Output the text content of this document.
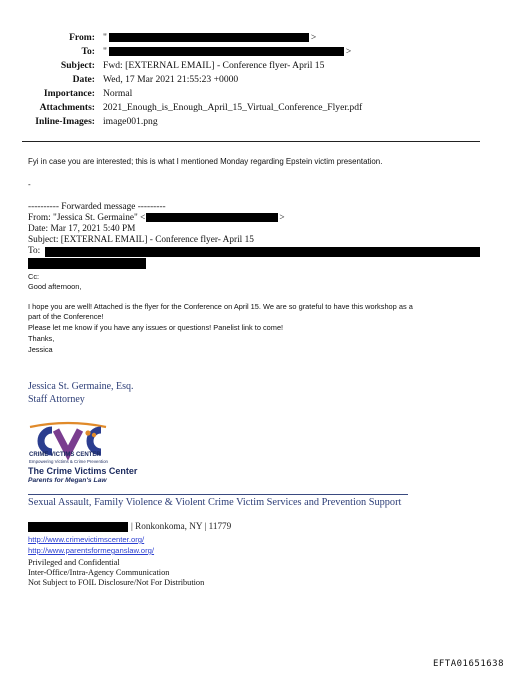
From: "	>
To: "	>
Subject: Fwd: [EXTERNAL EMAIL] - Conference flyer- April 15
Date: Wed, 17 Mar 2021 21:55:23 +0000
Importance: Normal
Attachments: 2021_Enough_is_Enough_April_15_Virtual_Conference_Flyer.pdf
Inline-Images: image001.png
Fyi in case you are interested; this is what I mentioned Monday regarding Epstein victim presentation.
-
---------- Forwarded message ---------
From: "Jessica St. Germaine" <	>
Date: Mar 17, 2021 5:40 PM
Subject: [EXTERNAL EMAIL] - Conference flyer- April 15
To:
Cc:
Good afternoon,
I hope you are well! Attached is the flyer for the Conference on April 15. We are so grateful to have this workshop as a
part of the Conference!
Please let me know if you have any issues or questions! Panelist link to come!
Thanks,
Jessica
Jessica St. Germaine, Esq.
Staff Attorney
CRIME VICTIMS CENTER
Empowering Victims & Crime Prevention
The Crime Victims Center
Parents for Megan's Law
Sexual Assault, Family Violence & Violent Crime Victim Services and Prevention Support
| Ronkonkoma, NY | 11779
http://www.crimevictimscenter.org/
http://www.parentsformeganslaw.org/
Privileged and Confidential
Inter-Office/Intra-Agency Communication
Not Subject to FOIL Disclosure/Not For Distribution
EFTA01651638
